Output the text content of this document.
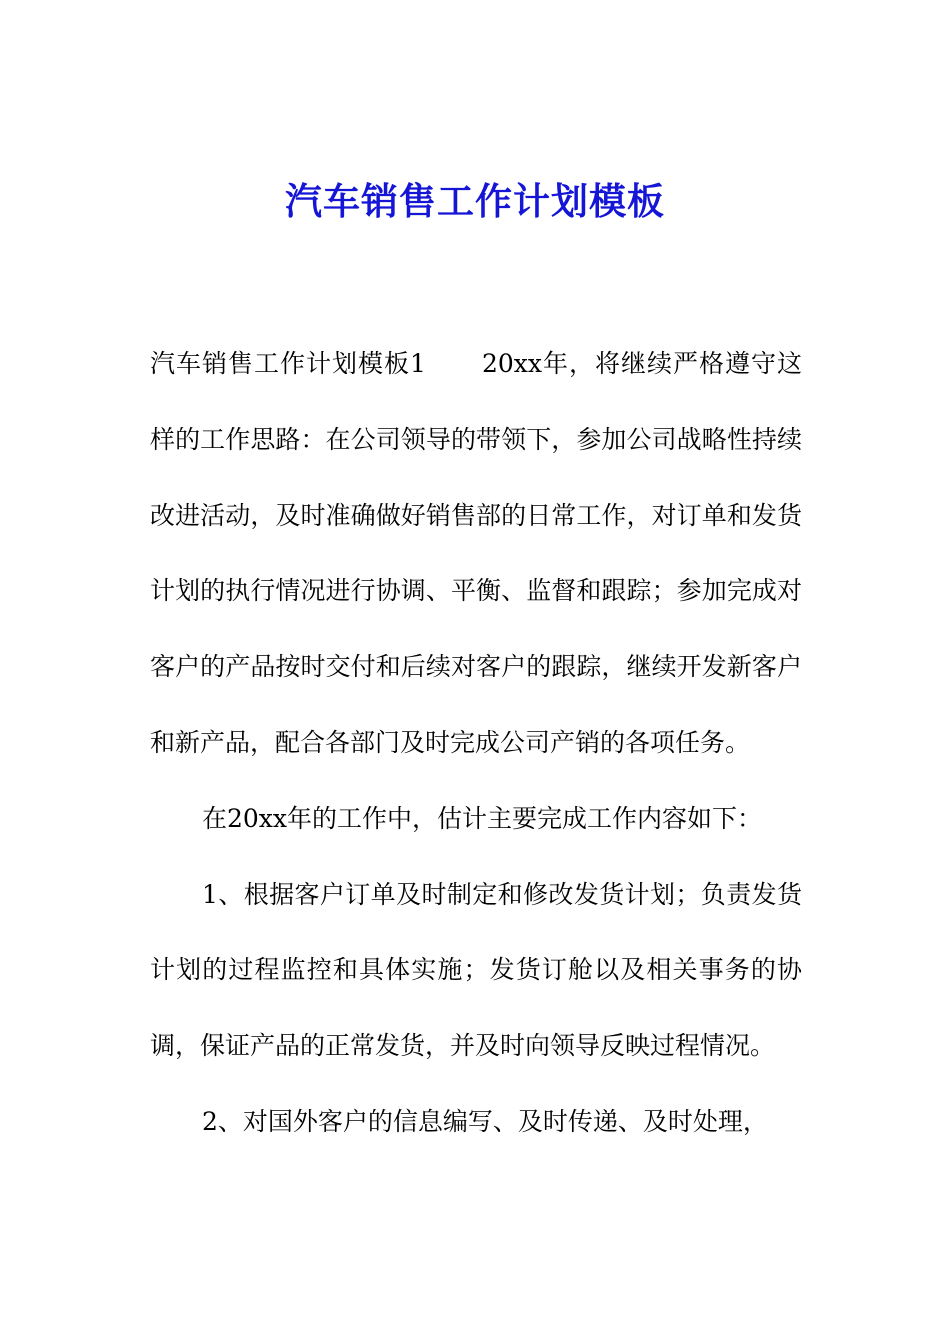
汽车销售工作计划模板

汽车销售工作计划模板1 20xx年，将继续严格遵守这样的工作思路：在公司领导的带领下，参加公司战略性持续改进活动，及时准确做好销售部的日常工作，对订单和发货计划的执行情况进行协调、平衡、监督和跟踪；参加完成对客户的产品按时交付和后续对客户的跟踪，继续开发新客户和新产品，配合各部门及时完成公司产销的各项任务。

在20xx年的工作中，估计主要完成工作内容如下：

1、根据客户订单及时制定和修改发货计划；负责发货计划的过程监控和具体实施；发货订舱以及相关事务的协调，保证产品的正常发货，并及时向领导反映过程情况。

2、对国外客户的信息编写、及时传递、及时处理，
